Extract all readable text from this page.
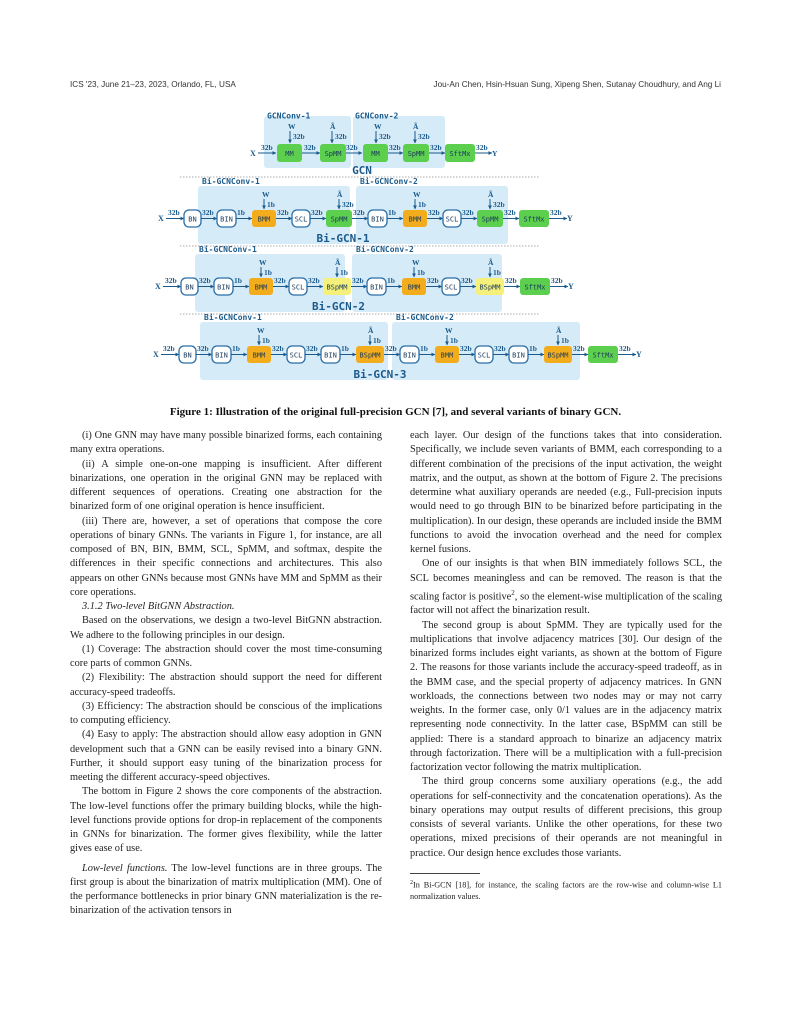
ICS '23, June 21–23, 2023, Orlando, FL, USA	Jou-An Chen, Hsin-Hsuan Sung, Xipeng Shen, Sutanay Choudhury, and Ang Li
GCNConv-1	GCNConv-2
W	Ã	W	Ã
32b	32b	32b	32b
X
32b
MM
32b
SpMM
32b
MM
32b
SpMM
32b
SftMx
32b
Y
GCN
Bi-GCNConv-1	Bi-GCNConv-2
X
32b
BN
32b
BIN
1b
BMM
32b
SCL
32b
SpMM
32b
BIN
1b
BMM
32b
SCL
32b
SpMM
32b
SftMx
32b
Y
W
1b
W
1b
Ã
32b
Ã
32b
Bi-GCN-1
Bi-GCNConv-1	Bi-GCNConv-2
X
32b
BN
32b
BIN
1b
BMM
32b
SCL
32b
BSpMM
32b
BIN
1b
BMM
32b
SCL
32b
BSpMM
32b
SftMx
32b
Y
W
1b
W
1b
Ã
1b
Ã
1b
Bi-GCN-2
Bi-GCNConv-1	Bi-GCNConv-2
X
32b
BN
32b
BIN
1b
BMM
32b
SCL
32b
BIN
1b
BSpMM
32b
BIN
1b
BMM
32b
SCL
32b
BIN
1b
BSpMM
32b
SftMx
32b
Y
W
1b
W
1b
Ã
1b
Ã
1b
Bi-GCN-3
Figure 1: Illustration of the original full-precision GCN [7], and several variants of binary GCN.

(i) One GNN may have many possible binarized forms, each containing many extra operations.

(ii) A simple one-on-one mapping is insufficient. After different binarizations, one operation in the original GNN may be replaced with different sequences of operations. Creating one abstraction for the binarized form of one original operation is hence insufficient.

(iii) There are, however, a set of operations that compose the core operations of binary GNNs. The variants in Figure 1, for instance, are all composed of BN, BIN, BMM, SCL, SpMM, and softmax, despite the differences in their specific connections and architectures. This also appears on other GNNs because most GNNs have MM and SpMM as their core operations.

3.1.2 Two-level BitGNN Abstraction.

Based on the observations, we design a two-level BitGNN abstraction. We adhere to the following principles in our design.

(1) Coverage: The abstraction should cover the most time-consuming core parts of common GNNs.

(2) Flexibility: The abstraction should support the need for different accuracy-speed tradeoffs.

(3) Efficiency: The abstraction should be conscious of the implications to computing efficiency.

(4) Easy to apply: The abstraction should allow easy adoption in GNN development such that a GNN can be easily revised into a binary GNN. Further, it should support easy tuning of the binarization process for meeting the different accuracy-speed objectives.

The bottom in Figure 2 shows the core components of the abstraction. The low-level functions offer the primary building blocks, while the high-level functions provide options for drop-in replacement of the components in GNNs for binarization. The former gives flexibility, while the latter gives ease of use.

Low-level functions. The low-level functions are in three groups. The first group is about the binarization of matrix multiplication (MM). One of the performance bottlenecks in prior binary GNN materialization is the re-binarization of the activation tensors in

each layer. Our design of the functions takes that into consideration. Specifically, we include seven variants of BMM, each corresponding to a different combination of the precisions of the input activation, the weight matrix, and the output, as shown at the bottom of Figure 2. The precisions determine what auxiliary operands are needed (e.g., Full-precision inputs would need to go through BIN to be binarized before participating in the multiplication). In our design, these operands are included inside the BMM functions to avoid the invocation overhead and the need for complex kernel fusions.

One of our insights is that when BIN immediately follows SCL, the SCL becomes meaningless and can be removed. The reason is that the scaling factor is positive$^2$, so the element-wise multiplication of the scaling factor will not affect the binarization result.

The second group is about SpMM. They are typically used for the multiplications that involve adjacency matrices [30]. Our design of the binarized forms includes eight variants, as shown at the bottom of Figure 2. The reasons for those variants include the accuracy-speed tradeoff, as in the BMM case, and the special property of adjacency matrices. In GNN workloads, the connections between two nodes may or may not carry weights. In the former case, only 0/1 values are in the adjacency matrix representing node connectivity. In the latter case, BSpMM can still be applied: There is a standard approach to binarize an adjacency matrix through factorization. There will be a multiplication with a full-precision factorization vector following the matrix multiplication.

The third group concerns some auxiliary operations (e.g., the add operations for self-connectivity and the concatenation operations). As the binary operations may output results of different precisions, this group consists of several variants. Unlike the other operations, for these two operations, mixed precisions of their operands are not meaningful in practice. Our design hence excludes those variants.

$^2$In Bi-GCN [18], for instance, the scaling factors are the row-wise and column-wise L1 normalization values.
